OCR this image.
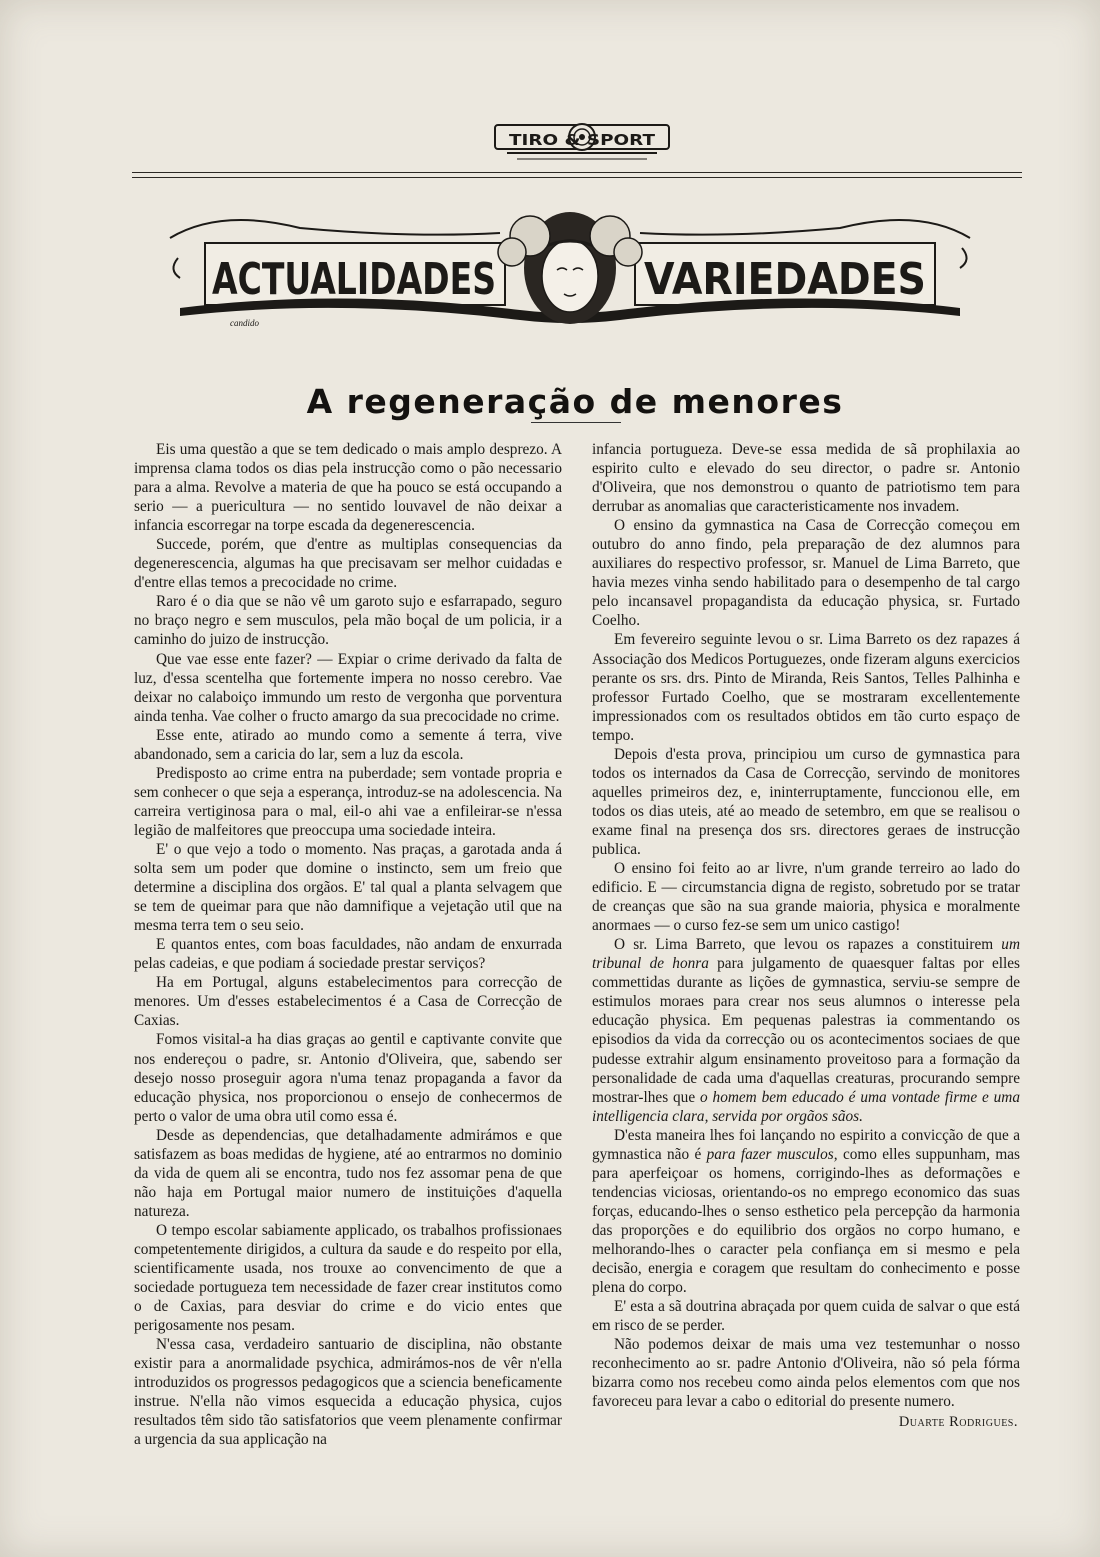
TIRO & SPORT
ACTUALIDADES	VARIEDADES
candido
A regeneração de menores

Eis uma questão a que se tem dedicado o mais amplo desprezo. A imprensa clama todos os dias pela instrucção como o pão necessario para a alma. Revolve a materia de que ha pouco se está occupando a serio — a puericultura — no sentido louvavel de não deixar a infancia escorregar na torpe escada da degenerescencia.

Succede, porém, que d'entre as multiplas consequencias da degenerescencia, algumas ha que precisavam ser melhor cuidadas e d'entre ellas temos a precocidade no crime.

Raro é o dia que se não vê um garoto sujo e esfarrapado, seguro no braço negro e sem musculos, pela mão boçal de um policia, ir a caminho do juizo de instrucção.

Que vae esse ente fazer? — Expiar o crime derivado da falta de luz, d'essa scentelha que fortemente impera no nosso cerebro. Vae deixar no calaboiço immundo um resto de vergonha que porventura ainda tenha. Vae colher o fructo amargo da sua precocidade no crime.

Esse ente, atirado ao mundo como a semente á terra, vive abandonado, sem a caricia do lar, sem a luz da escola.

Predisposto ao crime entra na puberdade; sem vontade propria e sem conhecer o que seja a esperança, introduz-se na adolescencia. Na carreira vertiginosa para o mal, eil-o ahi vae a enfileirar-se n'essa legião de malfeitores que preoccupa uma sociedade inteira.

E' o que vejo a todo o momento. Nas praças, a garotada anda á solta sem um poder que domine o instincto, sem um freio que determine a disciplina dos orgãos. E' tal qual a planta selvagem que se tem de queimar para que não damnifique a vejetação util que na mesma terra tem o seu seio.

E quantos entes, com boas faculdades, não andam de enxurrada pelas cadeias, e que podiam á sociedade prestar serviços?

Ha em Portugal, alguns estabelecimentos para correcção de menores. Um d'esses estabelecimentos é a Casa de Correcção de Caxias.

Fomos visital-a ha dias graças ao gentil e captivante convite que nos endereçou o padre, sr. Antonio d'Oliveira, que, sabendo ser desejo nosso proseguir agora n'uma tenaz propaganda a favor da educação physica, nos proporcionou o ensejo de conhecermos de perto o valor de uma obra util como essa é.

Desde as dependencias, que detalhadamente admirámos e que satisfazem as boas medidas de hygiene, até ao entrarmos no dominio da vida de quem ali se encontra, tudo nos fez assomar pena de que não haja em Portugal maior numero de instituições d'aquella natureza.

O tempo escolar sabiamente applicado, os trabalhos profissionaes competentemente dirigidos, a cultura da saude e do respeito por ella, scientificamente usada, nos trouxe ao convencimento de que a sociedade portugueza tem necessidade de fazer crear institutos como o de Caxias, para desviar do crime e do vicio entes que perigosamente nos pesam.

N'essa casa, verdadeiro santuario de disciplina, não obstante existir para a anormalidade psychica, admirámos-nos de vêr n'ella introduzidos os progressos pedagogicos que a sciencia beneficamente instrue. N'ella não vimos esquecida a educação physica, cujos resultados têm sido tão satisfatorios que veem plenamente confirmar a urgencia da sua applicação na

infancia portugueza. Deve-se essa medida de sã prophilaxia ao espirito culto e elevado do seu director, o padre sr. Antonio d'Oliveira, que nos demonstrou o quanto de patriotismo tem para derrubar as anomalias que caracteristicamente nos invadem.

O ensino da gymnastica na Casa de Correcção começou em outubro do anno findo, pela preparação de dez alumnos para auxiliares do respectivo professor, sr. Manuel de Lima Barreto, que havia mezes vinha sendo habilitado para o desempenho de tal cargo pelo incansavel propagandista da educação physica, sr. Furtado Coelho.

Em fevereiro seguinte levou o sr. Lima Barreto os dez rapazes á Associação dos Medicos Portuguezes, onde fizeram alguns exercicios perante os srs. drs. Pinto de Miranda, Reis Santos, Telles Palhinha e professor Furtado Coelho, que se mostraram excellentemente impressionados com os resultados obtidos em tão curto espaço de tempo.

Depois d'esta prova, principiou um curso de gymnastica para todos os internados da Casa de Correcção, servindo de monitores aquelles primeiros dez, e, ininterruptamente, funccionou elle, em todos os dias uteis, até ao meado de setembro, em que se realisou o exame final na presença dos srs. directores geraes de instrucção publica.

O ensino foi feito ao ar livre, n'um grande terreiro ao lado do edificio. E — circumstancia digna de registo, sobretudo por se tratar de creanças que são na sua grande maioria, physica e moralmente anormaes — o curso fez-se sem um unico castigo!

O sr. Lima Barreto, que levou os rapazes a constituirem um tribunal de honra para julgamento de quaesquer faltas por elles commettidas durante as lições de gymnastica, serviu-se sempre de estimulos moraes para crear nos seus alumnos o interesse pela educação physica. Em pequenas palestras ia commentando os episodios da vida da correcção ou os acontecimentos sociaes de que pudesse extrahir algum ensinamento proveitoso para a formação da personalidade de cada uma d'aquellas creaturas, procurando sempre mostrar-lhes que o homem bem educado é uma vontade firme e uma intelligencia clara, servida por orgãos sãos.

D'esta maneira lhes foi lançando no espirito a convicção de que a gymnastica não é para fazer musculos, como elles suppunham, mas para aperfeiçoar os homens, corrigindo-lhes as deformações e tendencias viciosas, orientando-os no emprego economico das suas forças, educando-lhes o senso esthetico pela percepção da harmonia das proporções e do equilibrio dos orgãos no corpo humano, e melhorando-lhes o caracter pela confiança em si mesmo e pela decisão, energia e coragem que resultam do conhecimento e posse plena do corpo.

E' esta a sã doutrina abraçada por quem cuida de salvar o que está em risco de se perder.

Não podemos deixar de mais uma vez testemunhar o nosso reconhecimento ao sr. padre Antonio d'Oliveira, não só pela fórma bizarra como nos recebeu como ainda pelos elementos com que nos favoreceu para levar a cabo o editorial do presente numero.

Duarte Rodrigues.
